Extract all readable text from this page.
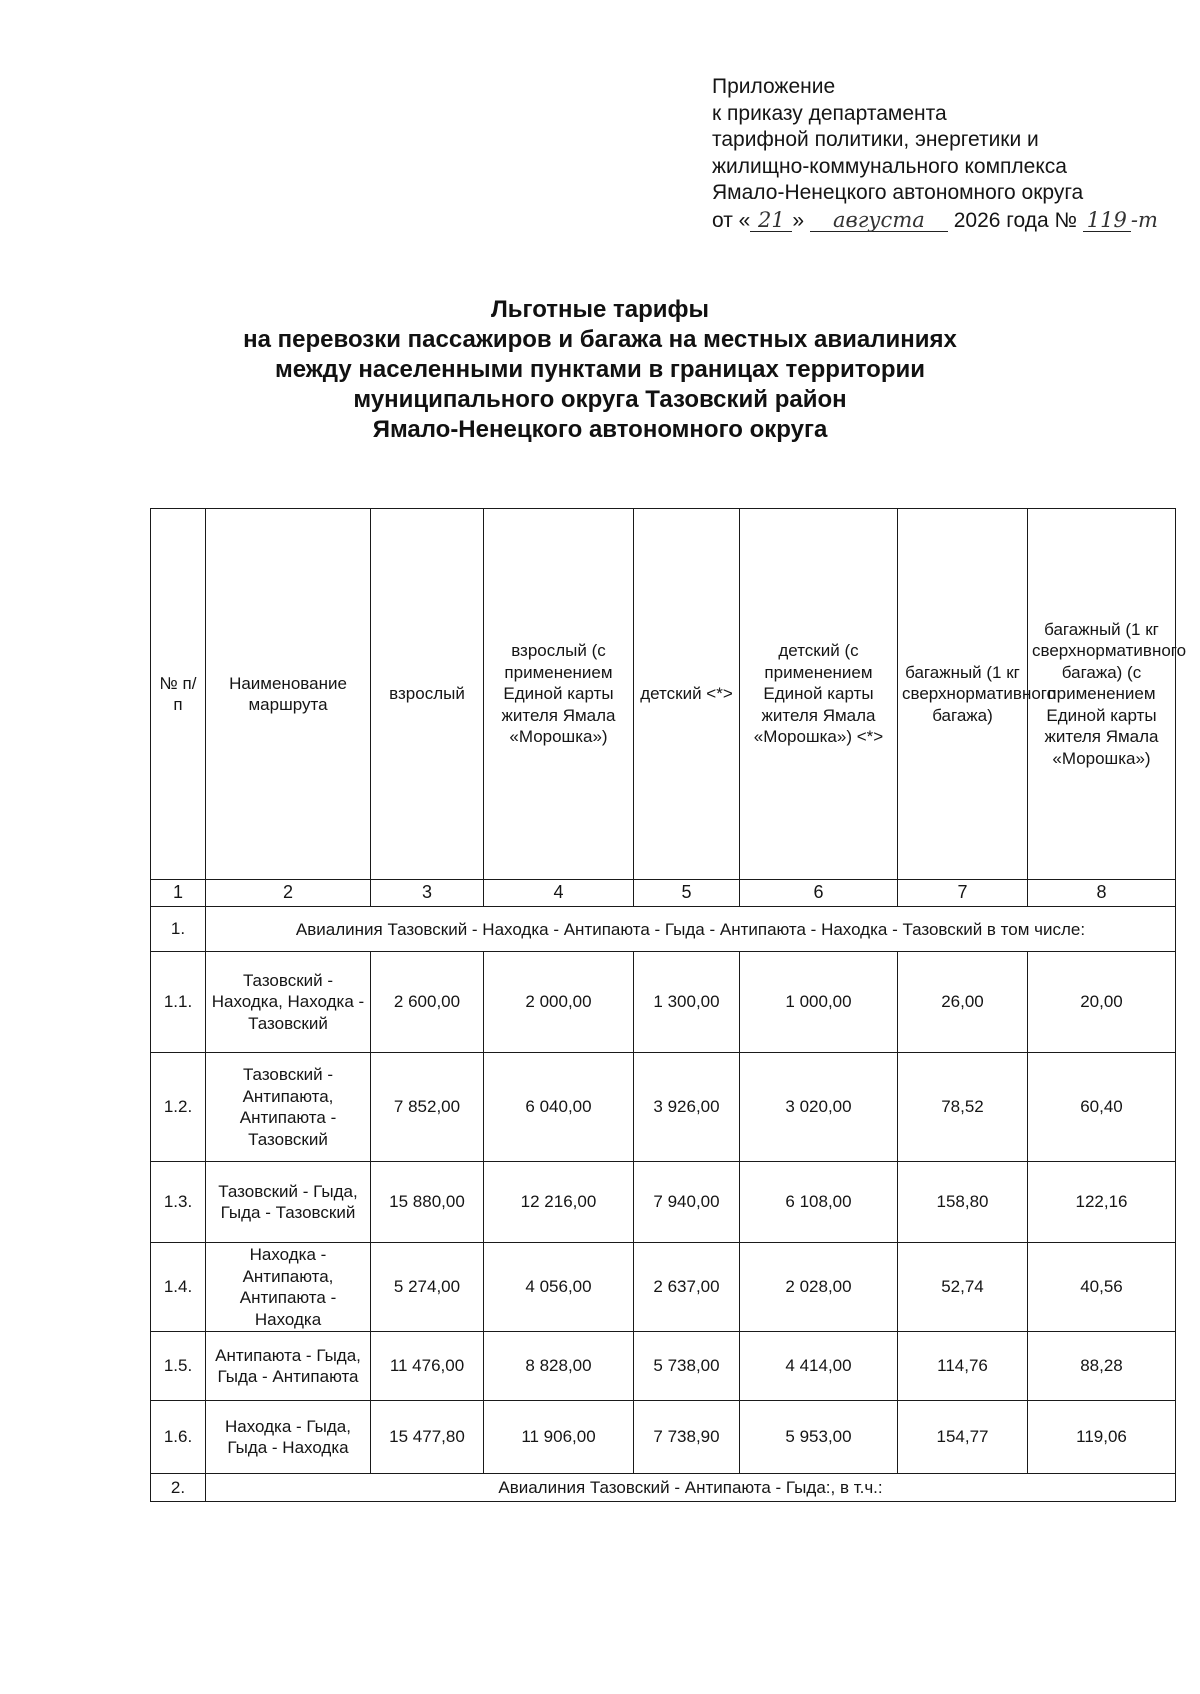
Приложение
к приказу департамента
тарифной политики, энергетики и
жилищно-коммунального комплекса
Ямало-Ненецкого автономного округа
от « 21 » августа 2026 года № 119 -т
Льготные тарифы
на перевозки пассажиров и багажа на местных авиалиниях
между населенными пунктами в границах территории
муниципального округа Тазовский район
Ямало-Ненецкого автономного округа
№ п/п	Наименование маршрута	взрослый	взрослый (с применением Единой карты жителя Ямала «Морошка»)	детский <*>	детский (с применением Единой карты жителя Ямала «Морошка») <*>	багажный (1 кг сверхнормативного багажа)	багажный (1 кг сверхнормативного багажа) (с применением Единой карты жителя Ямала «Морошка»)
1	2	3	4	5	6	7	8
1.	Авиалиния Тазовский - Находка - Антипаюта - Гыда - Антипаюта - Находка - Тазовский в том числе:						
1.1.	Тазовский - Находка, Находка - Тазовский	2 600,00	2 000,00	1 300,00	1 000,00	26,00	20,00
1.2.	Тазовский - Антипаюта, Антипаюта - Тазовский	7 852,00	6 040,00	3 926,00	3 020,00	78,52	60,40
1.3.	Тазовский - Гыда, Гыда - Тазовский	15 880,00	12 216,00	7 940,00	6 108,00	158,80	122,16
1.4.	Находка - Антипаюта, Антипаюта - Находка	5 274,00	4 056,00	2 637,00	2 028,00	52,74	40,56
1.5.	Антипаюта - Гыда, Гыда - Антипаюта	11 476,00	8 828,00	5 738,00	4 414,00	114,76	88,28
1.6.	Находка - Гыда, Гыда - Находка	15 477,80	11 906,00	7 738,90	5 953,00	154,77	119,06
2.	Авиалиния Тазовский - Антипаюта - Гыда:, в т.ч.:						
